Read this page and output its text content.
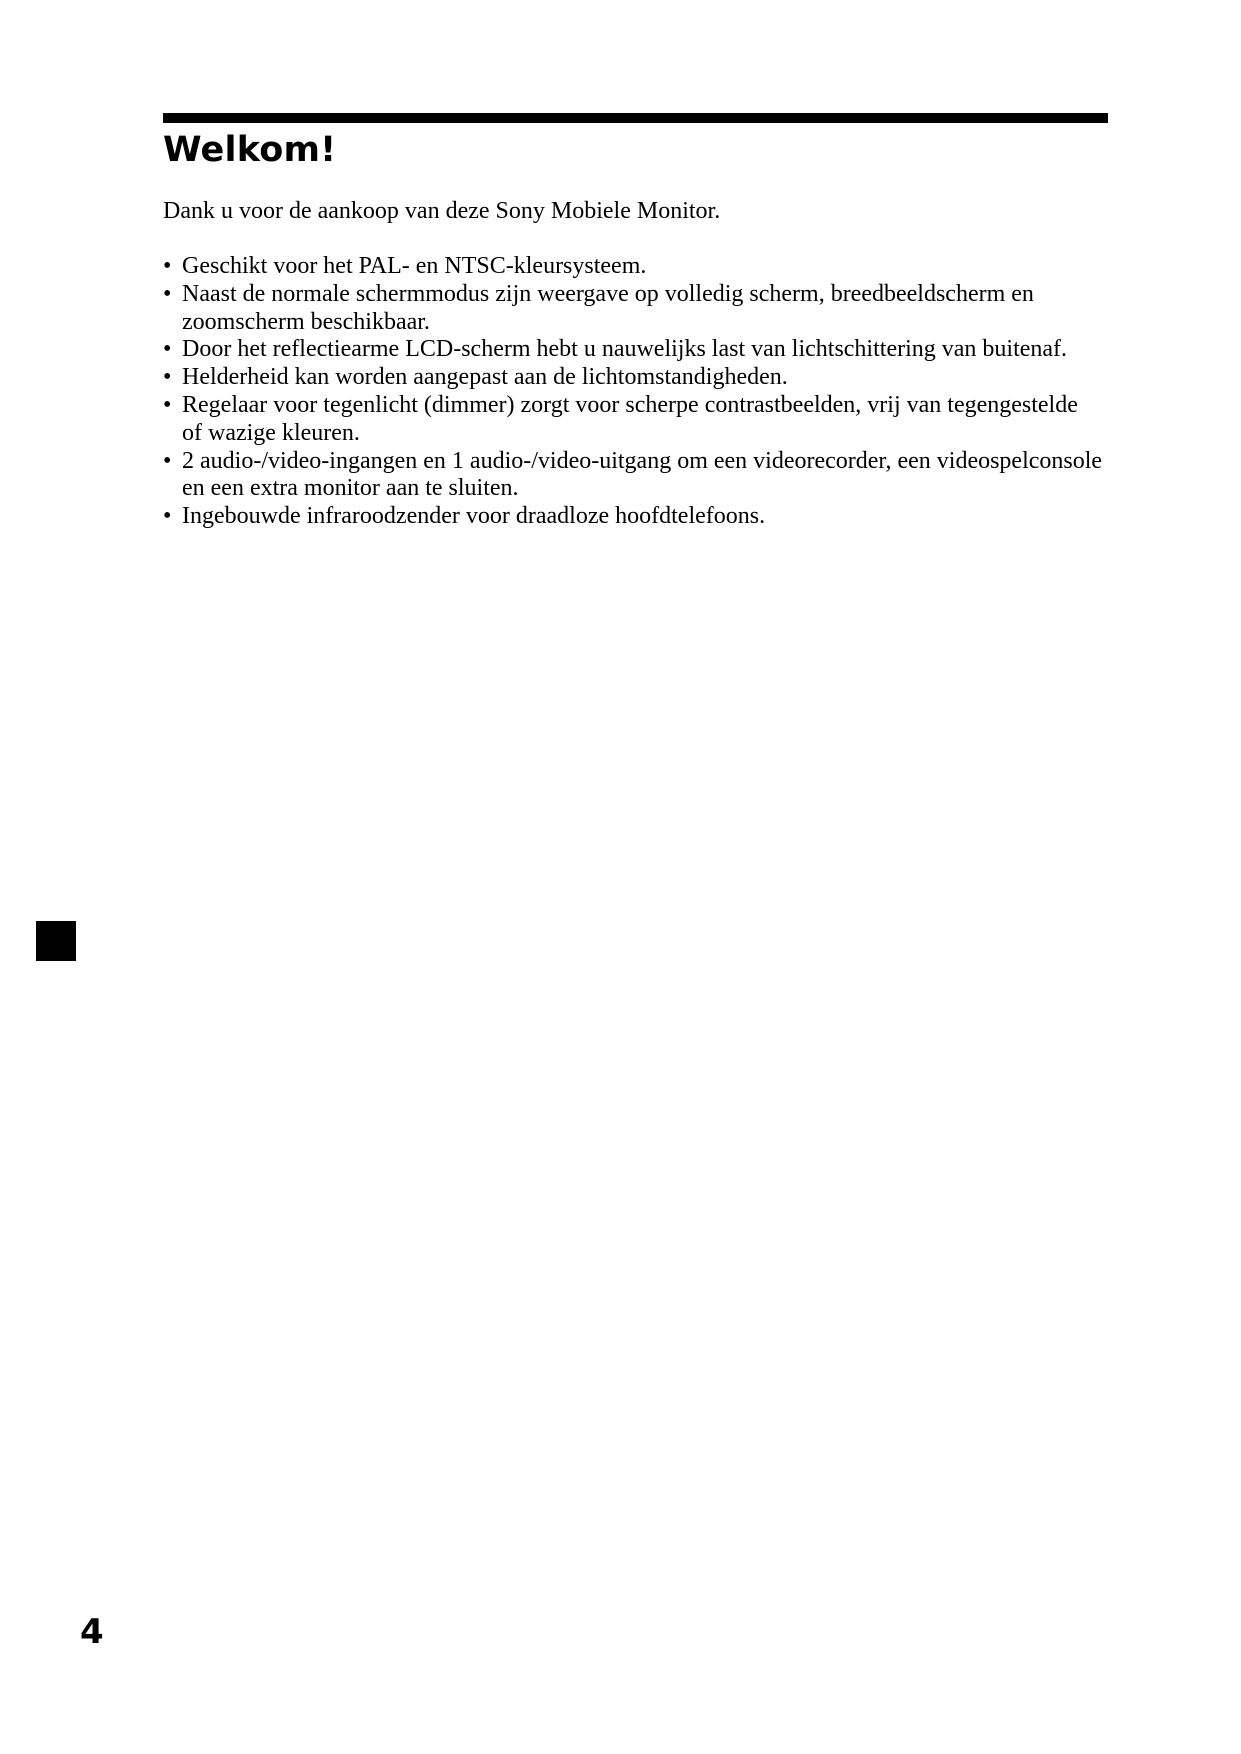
Welkom!

Dank u voor de aankoop van deze Sony Mobiele Monitor.

• Geschikt voor het PAL- en NTSC-kleursysteem.
• Naast de normale schermmodus zijn weergave op volledig scherm, breedbeeldscherm en zoomscherm beschikbaar.
• Door het reflectiearme LCD-scherm hebt u nauwelijks last van lichtschittering van buitenaf.
• Helderheid kan worden aangepast aan de lichtomstandigheden.
• Regelaar voor tegenlicht (dimmer) zorgt voor scherpe contrastbeelden, vrij van tegengestelde of wazige kleuren.
• 2 audio-/video-ingangen en 1 audio-/video-uitgang om een videorecorder, een videospelconsole en een extra monitor aan te sluiten.
• Ingebouwde infraroodzender voor draadloze hoofdtelefoons.
4
